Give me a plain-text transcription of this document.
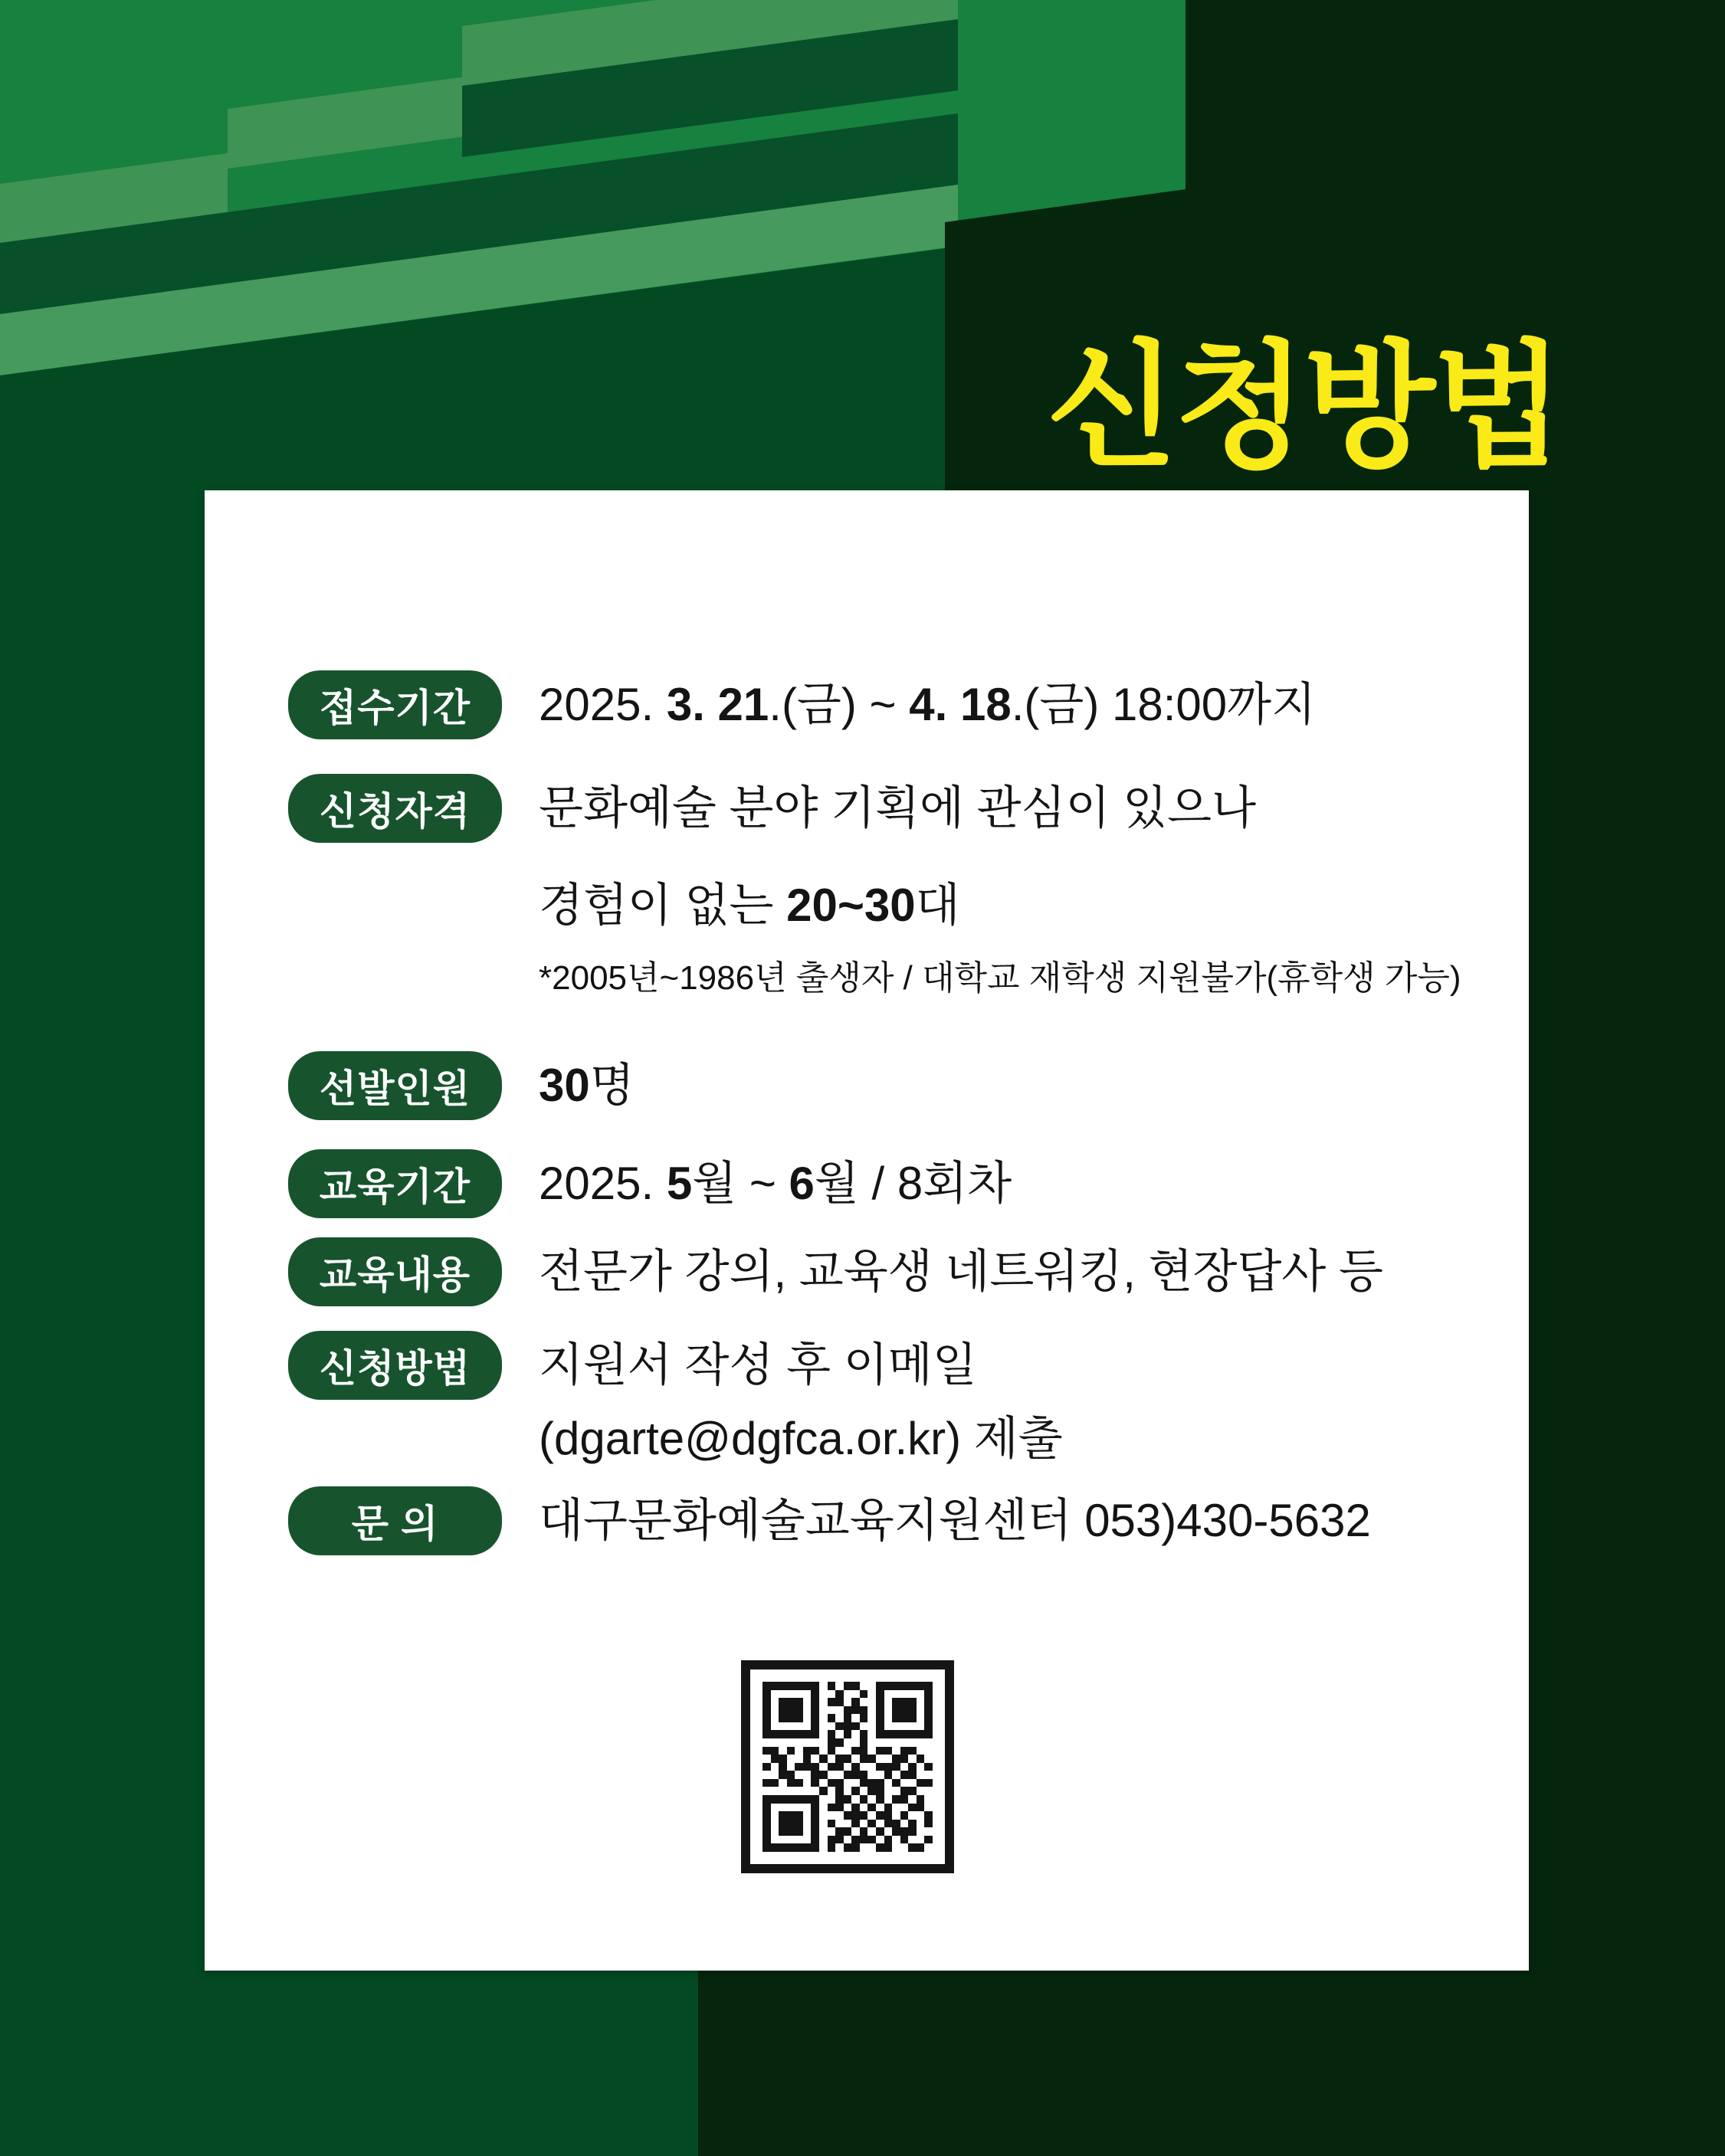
신청방법
접수기간 2025. 3. 21.(금) ~ 4. 18.(금) 18:00까지
신청자격 문화예술 분야 기획에 관심이 있으나
경험이 없는 20~30대
*2005년~1986년 출생자 / 대학교 재학생 지원불가(휴학생 가능)
선발인원 30명
교육기간 2025. 5월 ~ 6월 / 8회차
교육내용 전문가 강의, 교육생 네트워킹, 현장답사 등
신청방법 지원서 작성 후 이메일
(dgarte@dgfca.or.kr) 제출
문 의 대구문화예술교육지원센터 053)430-5632
